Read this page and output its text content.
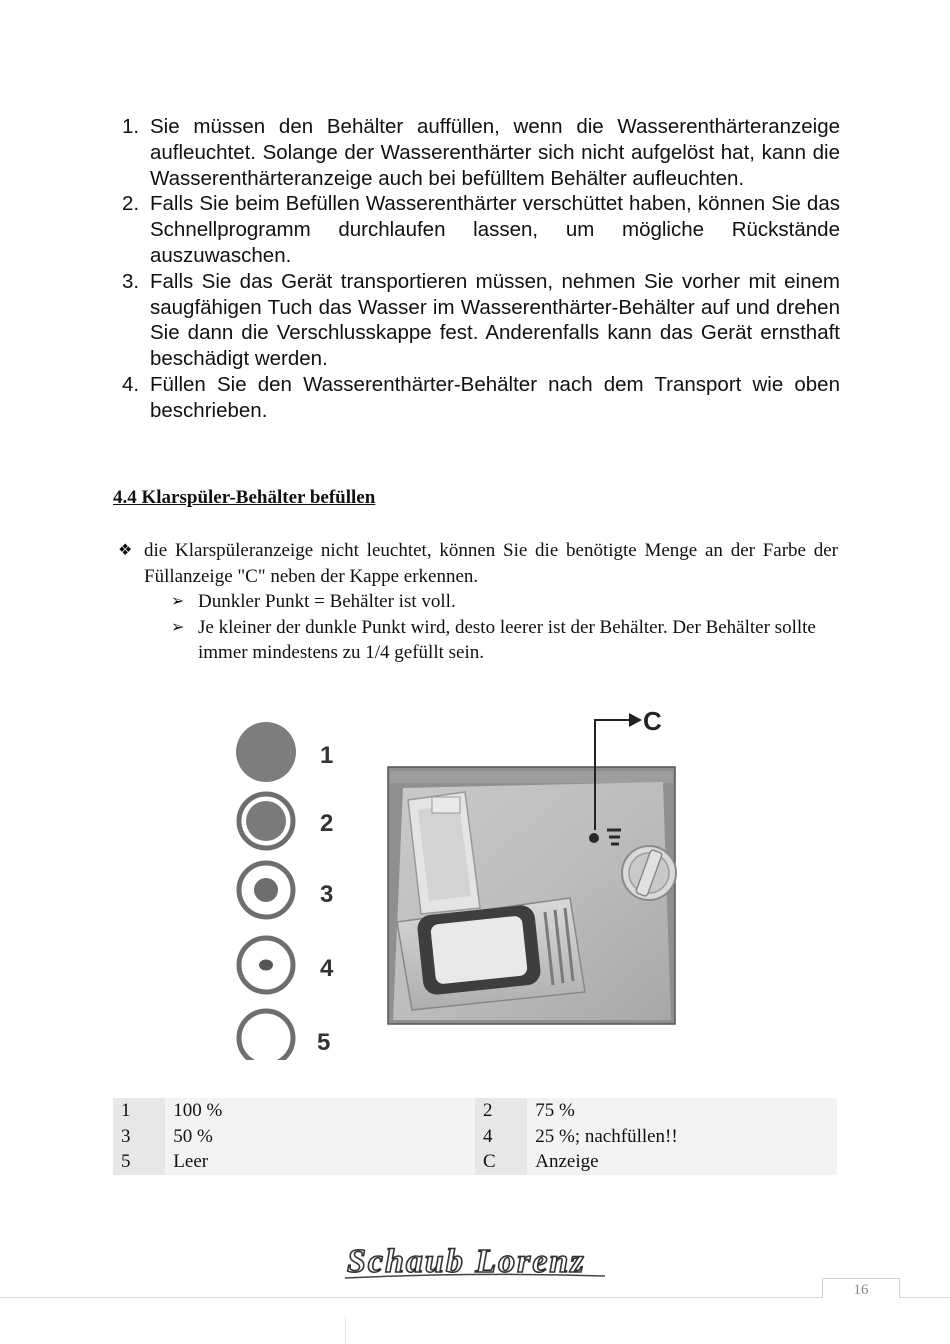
1. Sie müssen den Behälter auffüllen, wenn die Wasserenthärteranzeige aufleuchtet. Solange der Wasserenthärter sich nicht aufgelöst hat, kann die Wasserenthärteranzeige auch bei befülltem Behälter aufleuchten.
2. Falls Sie beim Befüllen Wasserenthärter verschüttet haben, können Sie das Schnellprogramm durchlaufen lassen, um mögliche Rückstände auszuwaschen.
3. Falls Sie das Gerät transportieren müssen, nehmen Sie vorher mit einem saugfähigen Tuch das Wasser im Wasserenthärter-Behälter auf und drehen Sie dann die Verschlusskappe fest. Anderenfalls kann das Gerät ernsthaft beschädigt werden.
4. Füllen Sie den Wasserenthärter-Behälter nach dem Transport wie oben beschrieben.
4.4 Klarspüler-Behälter befüllen
❖ die Klarspüleranzeige nicht leuchtet, können Sie die benötigte Menge an der Farbe der Füllanzeige "C" neben der Kappe erkennen.
➢ Dunkler Punkt = Behälter ist voll.
➢ Je kleiner der dunkle Punkt wird, desto leerer ist der Behälter. Der Behälter sollte immer mindestens zu 1/4 gefüllt sein.
1
2
3
4
5
C
1	100 %	2	75 %
3	50 %	4	25 %; nachfüllen!!
5	Leer	C	Anzeige
Schaub Lorenz
16
